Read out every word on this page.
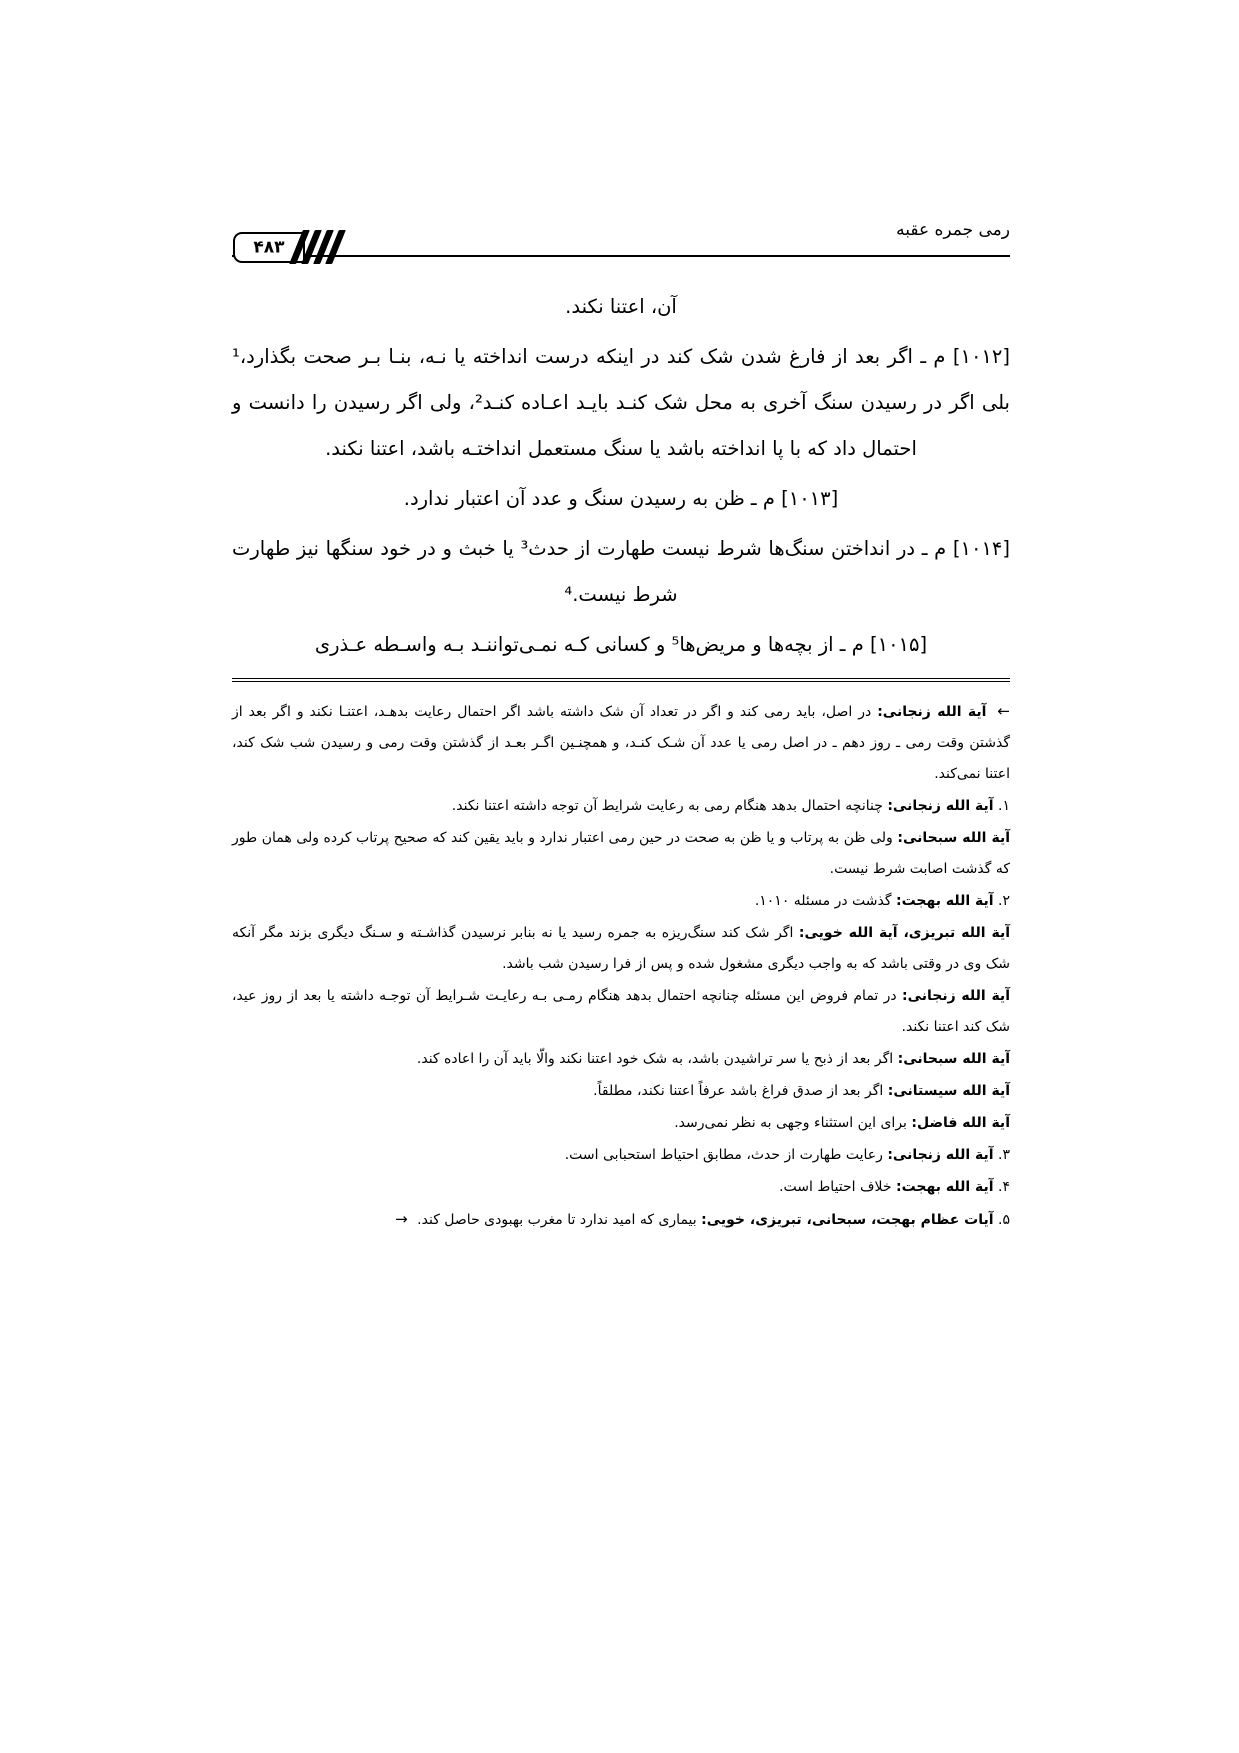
رمی جمره عقبه
۴۸۳

آن، اعتنا نکند.

[۱۰۱۲] م ـ اگر بعد از فارغ شدن شک کند در اینکه درست انداخته یا نـه، بنـا بـر صحت بگذارد،¹ بلی اگر در رسیدن سنگ آخری به محل شک کنـد بایـد اعـاده کنـد²، ولی اگر رسیدن را دانست و احتمال داد که با پا انداخته باشد یا سنگ مستعمل انداختـه باشد، اعتنا نکند.

[۱۰۱۳] م ـ ظن به رسیدن سنگ و عدد آن اعتبار ندارد.

[۱۰۱۴] م ـ در انداختن سنگ‌ها شرط نیست طهارت از حدث³ یا خبث و در خود سنگها نیز طهارت شرط نیست.⁴

[۱۰۱۵] م ـ از بچه‌ها و مریض‌ها⁵ و کسانی کـه نمـی‌تواننـد بـه واسـطه عـذری

← آیة الله زنجانی: در اصل، باید رمی کند و اگر در تعداد آن شک داشته باشد اگر احتمال رعایت بدهـد، اعتنـا نکند و اگر بعد از گذشتن وقت رمی ـ روز دهم ـ در اصل رمی یا عدد آن شـک کنـد، و همچنـین اگـر بعـد از گذشتن وقت رمی و رسیدن شب شک کند، اعتنا نمی‌کند.
۱. آیة الله زنجانی: چنانچه احتمال بدهد هنگام رمی به رعایت شرایط آن توجه داشته اعتنا نکند.
آیة الله سبحانی: ولی ظن به پرتاب و یا ظن به صحت در حین رمی اعتبار ندارد و باید یقین کند که صحیح پرتاب کرده ولی همان طور که گذشت اصابت شرط نیست.
۲. آیة الله بهجت: گذشت در مسئله ۱۰۱۰.
آیة الله تبریزی، آیة الله خویی: اگر شک کند سنگ‌ریزه به جمره رسید یا نه بنابر نرسیدن گذاشـته و سـنگ دیگری بزند مگر آنکه شک وی در وقتی باشد که به واجب دیگری مشغول شده و پس از فرا رسیدن شب باشد.
آیة الله زنجانی: در تمام فروض این مسئله چنانچه احتمال بدهد هنگام رمـی بـه رعایـت شـرایط آن توجـه داشته یا بعد از روز عید، شک کند اعتنا نکند.
آیة الله سبحانی: اگر بعد از ذبح یا سر تراشیدن باشد، به شک خود اعتنا نکند والّا باید آن را اعاده کند.
آیة الله سیستانی: اگر بعد از صدق فراغ باشد عرفاً اعتنا نکند، مطلقاً.
آیة الله فاضل: برای این استثناء وجهی به نظر نمی‌رسد.
۳. آیة الله زنجانی: رعایت طهارت از حدث، مطابق احتیاط استحبابی است.
۴. آیة الله بهجت: خلاف احتیاط است.
۵. آیات عظام بهجت، سبحانی، تبریزی، خویی: بیماری که امید ندارد تا مغرب بهبودی حاصل کند. →
